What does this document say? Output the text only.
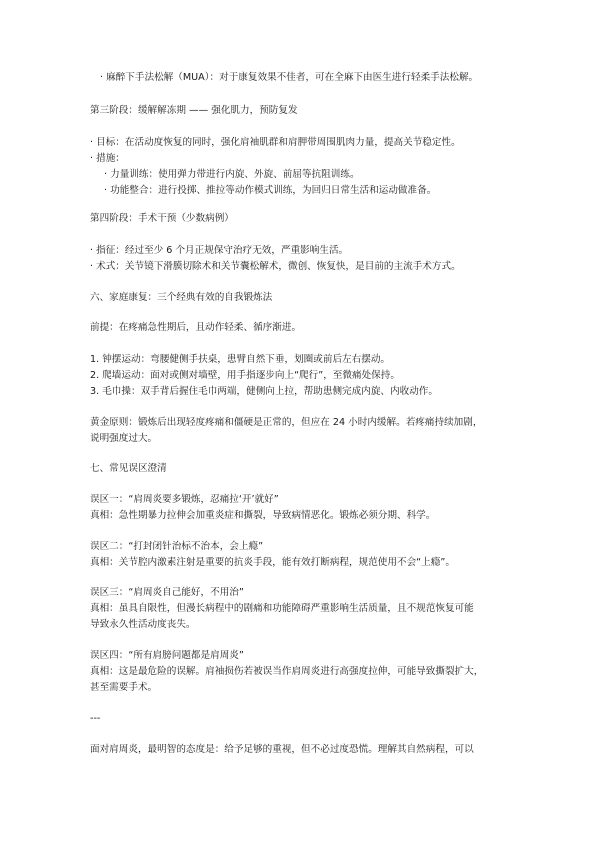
· 麻醉下手法松解（MUA）：对于康复效果不佳者，可在全麻下由医生进行轻柔手法松解。
第三阶段：缓解解冻期 —— 强化肌力，预防复发
· 目标：在活动度恢复的同时，强化肩袖肌群和肩胛带周围肌肉力量，提高关节稳定性。
· 措施：
· 力量训练：使用弹力带进行内旋、外旋、前屈等抗阻训练。
· 功能整合：进行投掷、推拉等动作模式训练，为回归日常生活和运动做准备。
第四阶段：手术干预（少数病例）
· 指征：经过至少 6 个月正规保守治疗无效，严重影响生活。
· 术式：关节镜下滑膜切除术和关节囊松解术，微创、恢复快，是目前的主流手术方式。
六、家庭康复：三个经典有效的自我锻炼法
前提：在疼痛急性期后，且动作轻柔、循序渐进。
1. 钟摆运动：弯腰健侧手扶桌，患臂自然下垂，划圈或前后左右摆动。
2. 爬墙运动：面对或侧对墙壁，用手指逐步向上“爬行”，至微痛处保持。
3. 毛巾操：双手背后握住毛巾两端，健侧向上拉，帮助患侧完成内旋、内收动作。
黄金原则：锻炼后出现轻度疼痛和僵硬是正常的，但应在 24 小时内缓解。若疼痛持续加剧，
说明强度过大。
七、常见误区澄清
误区一：“肩周炎要多锻炼，忍痛拉‘开’就好”
真相：急性期暴力拉伸会加重炎症和撕裂，导致病情恶化。锻炼必须分期、科学。
误区二：“打封闭针治标不治本，会上瘾”
真相：关节腔内激素注射是重要的抗炎手段，能有效打断病程，规范使用不会“上瘾”。
误区三：“肩周炎自己能好，不用治”
真相：虽具自限性，但漫长病程中的剧痛和功能障碍严重影响生活质量，且不规范恢复可能
导致永久性活动度丧失。
误区四：“所有肩膀问题都是肩周炎”
真相：这是最危险的误解。肩袖损伤若被误当作肩周炎进行高强度拉伸，可能导致撕裂扩大，
甚至需要手术。
---
面对肩周炎，最明智的态度是：给予足够的重视，但不必过度恐慌。理解其自然病程，可以
